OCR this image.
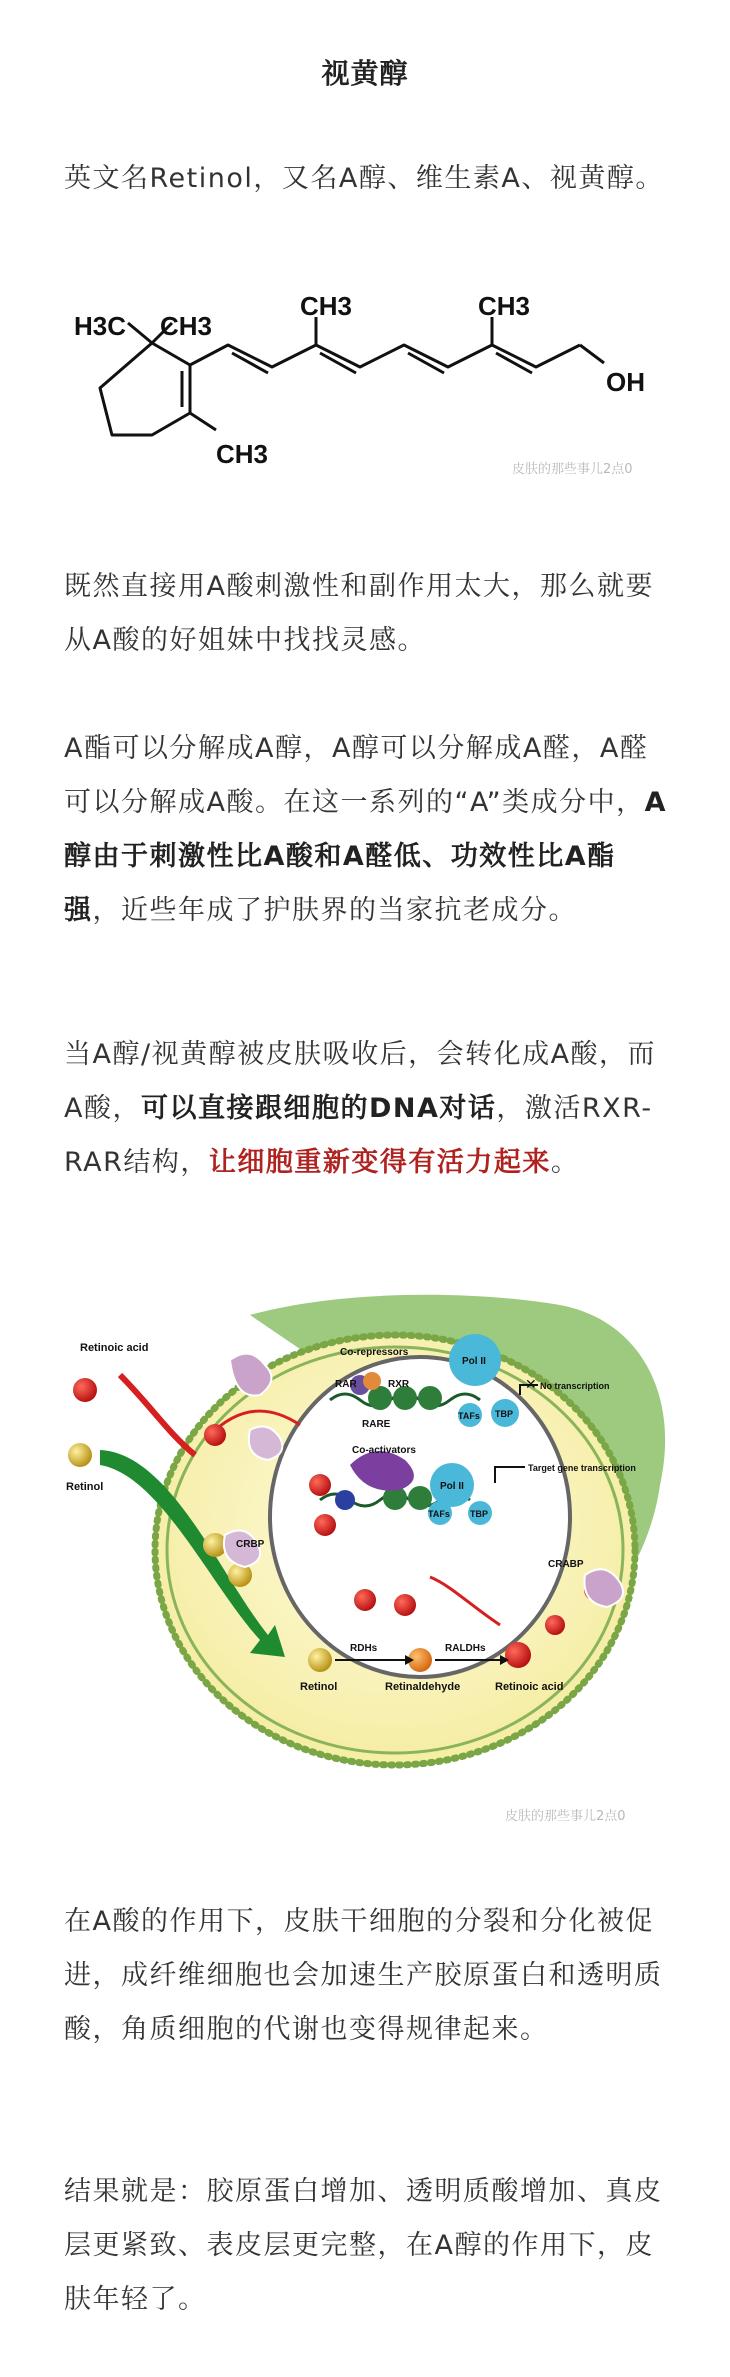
视黄醇

英文名Retinol，又名A醇、维生素A、视黄醇。

H3C CH3
CH3	CH3
CH3
OH
皮肤的那些事儿2点0

既然直接用A酸刺激性和副作用太大，那么就要从A酸的好姐妹中找找灵感。

A酯可以分解成A醇，A醇可以分解成A醛，A醛可以分解成A酸。在这一系列的“A”类成分中，A醇由于刺激性比A酸和A醛低、功效性比A酯强，近些年成了护肤界的当家抗老成分。

当A醇/视黄醇被皮肤吸收后，会转化成A酸，而A酸，可以直接跟细胞的DNA对话，激活RXR-RAR结构，让细胞重新变得有活力起来。

✕
Retinoic acid
Retinol
CRBP
CRABP
Co-repressors
Co-activators
Pol II
Pol II
RAR	RXR
RARE
TAFs
TAFs
TBP
TBP
No transcription
Target gene transcription
RDHs	RALDHs
Retinol	Retinaldehyde	Retinoic acid
皮肤的那些事儿2点0

在A酸的作用下，皮肤干细胞的分裂和分化被促进，成纤维细胞也会加速生产胶原蛋白和透明质酸，角质细胞的代谢也变得规律起来。

结果就是：胶原蛋白增加、透明质酸增加、真皮层更紧致、表皮层更完整，在A醇的作用下，皮肤年轻了。
